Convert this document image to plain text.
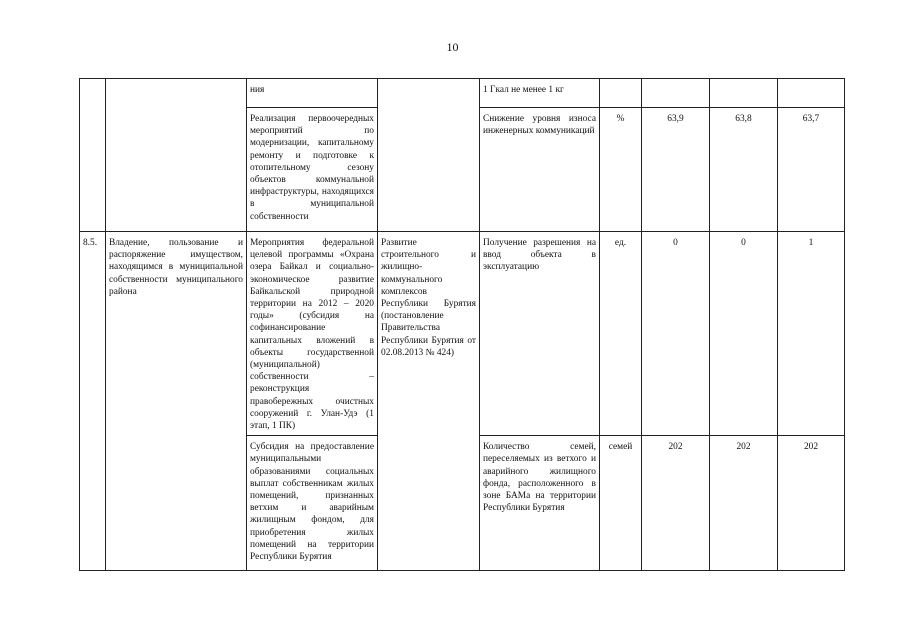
10
		ния		1 Гкал не менее 1 кг				
		Реализация первоочередных мероприятий по модернизации, капитальному ремонту и подготовке к отопительному сезону объектов коммунальной инфраструктуры, находящихся в муниципальной собственности		Снижение уровня износа инженерных коммуникаций	%	63,9	63,8	63,7
8.5.	Владение, пользование и распоряжение имуществом, находящимся в муниципальной собственности муниципального района	Мероприятия федеральной целевой программы «Охрана озера Байкал и социально-экономическое развитие Байкальской природной территории на 2012 – 2020 годы» (субсидия на софинансирование капитальных вложений в объекты государственной (муниципальной) собственности – реконструкция правобережных очистных сооружений г. Улан-Удэ (1 этап, 1 ПК)	Развитие строительного и жилищно-коммунального комплексов Республики Бурятия (постановление Правительства Республики Бурятия от 02.08.2013 № 424)	Получение разрешения на ввод объекта в эксплуатацию	ед.	0	0	1
		Субсидия на предоставление муниципальными образованиями социальных выплат собственникам жилых помещений, признанных ветхим и аварийным жилищным фондом, для приобретения жилых помещений на территории Республики Бурятия		Количество семей, переселяемых из ветхого и аварийного жилищного фонда, расположенного в зоне БАМа на территории Республики Бурятия	семей	202	202	202
